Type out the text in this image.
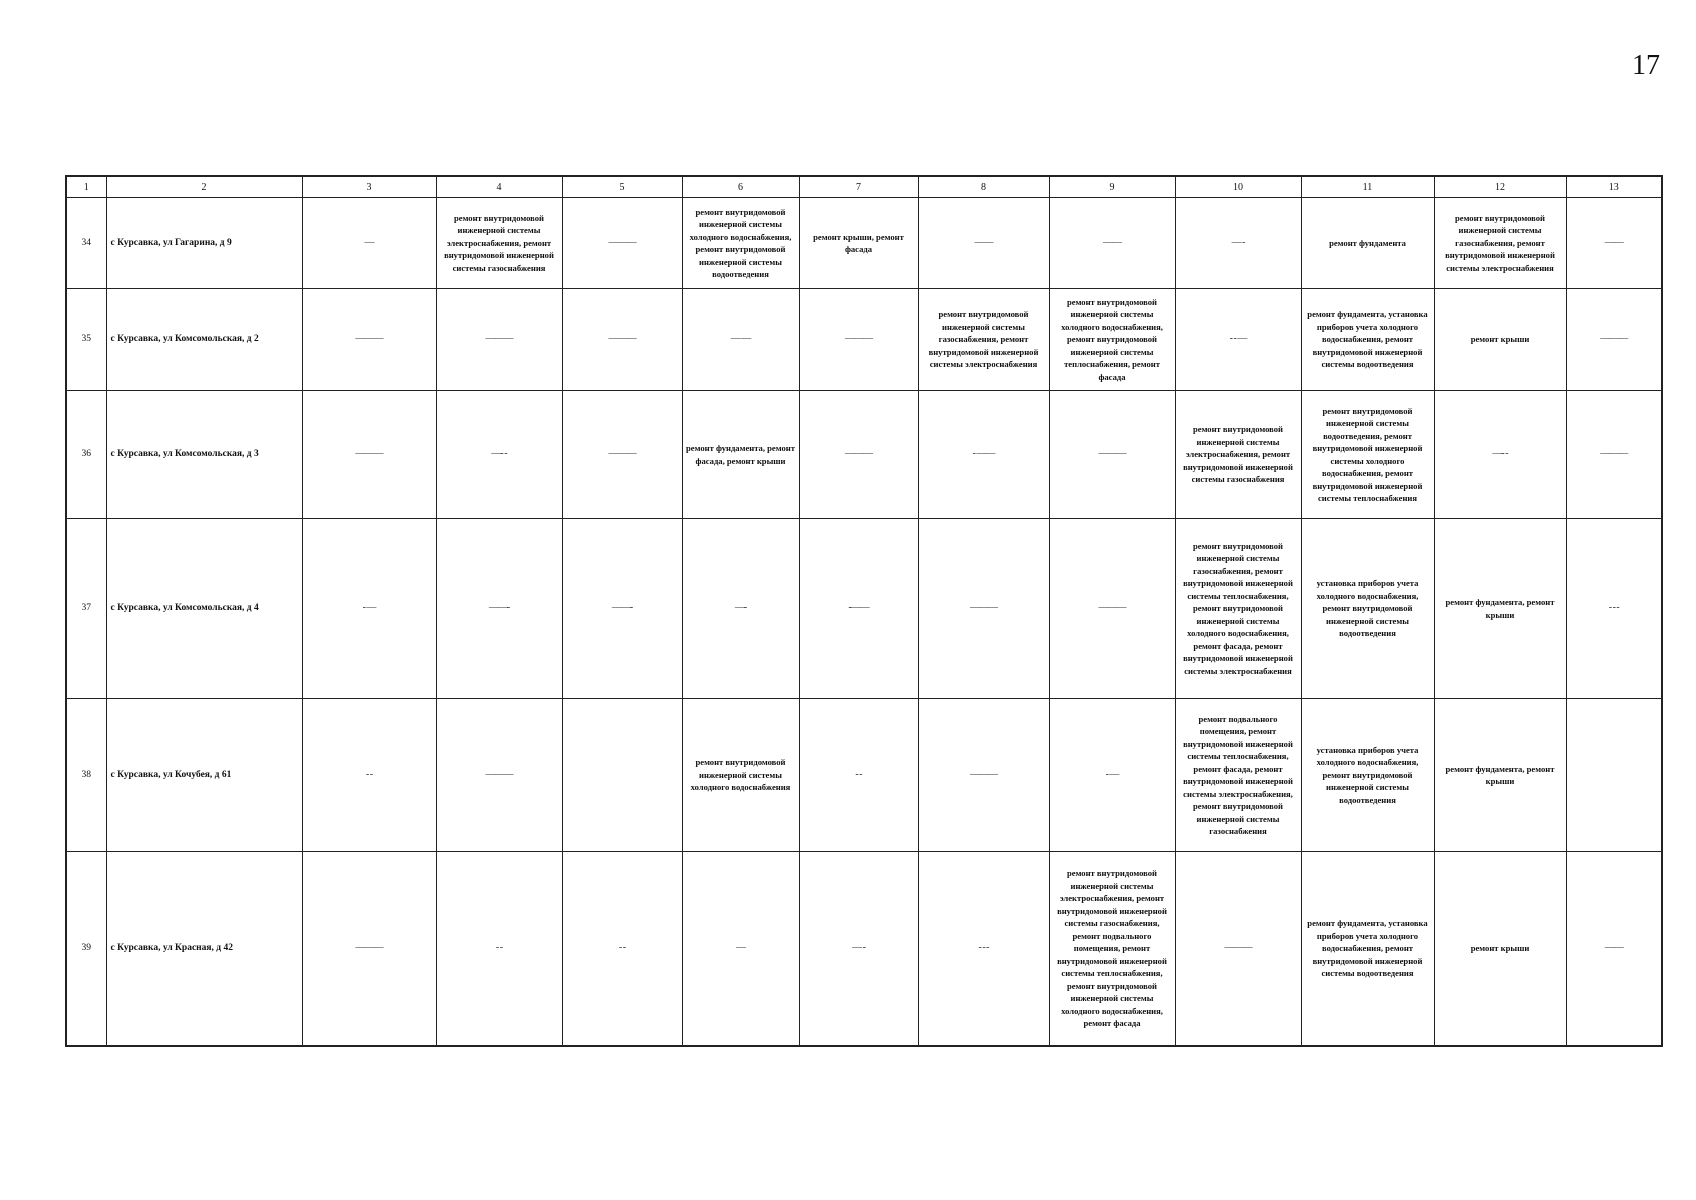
17
1	2	3	4	5	6	7	8	9	10	11	12	13
34	с Курсавка, ул Гагарина, д 9	—	ремонт внутридомовой инженерной системы электроснабжения, ремонт внутридомовой инженерной системы газоснабжения	———	ремонт внутридомовой инженерной системы холодного водоснабжения, ремонт внутридомовой инженерной системы водоотведения	ремонт крыши, ремонт фасада	——	——	— -	ремонт фундамента	ремонт внутридомовой инженерной системы газоснабжения, ремонт внутридомовой инженерной системы электроснабжения	——
35	с Курсавка, ул Комсомольская, д 2	———	———	———	— —	———	ремонт внутридомовой инженерной системы газоснабжения, ремонт внутридомовой инженерной системы электроснабжения	ремонт внутридомовой инженерной системы холодного водоснабжения, ремонт внутридомовой инженерной системы теплоснабжения, ремонт фасада	- - —	ремонт фундамента, установка приборов учета холодного водоснабжения, ремонт внутридомовой инженерной системы водоотведения	ремонт крыши	———
36	с Курсавка, ул Комсомольская, д 3	———	—- -	———	ремонт фундамента, ремонт фасада, ремонт крыши	———	- ——	———	ремонт внутридомовой инженерной системы электроснабжения, ремонт внутридомовой инженерной системы газоснабжения	ремонт внутридомовой инженерной системы водоотведения, ремонт внутридомовой инженерной системы холодного водоснабжения, ремонт внутридомовой инженерной системы теплоснабжения	—- -	———
37	с Курсавка, ул Комсомольская, д 4	- —	——-	——-	—-	-——	———	———	ремонт внутридомовой инженерной системы газоснабжения, ремонт внутридомовой инженерной системы теплоснабжения, ремонт внутридомовой инженерной системы холодного водоснабжения, ремонт фасада, ремонт внутридомовой инженерной системы электроснабжения	установка приборов учета холодного водоснабжения, ремонт внутридомовой инженерной системы водоотведения	ремонт фундамента, ремонт крыши	- - -
38	с Курсавка, ул Кочубея, д 61	- -	———		ремонт внутридомовой инженерной системы холодного водоснабжения	- -	———	- —	ремонт подвального помещения, ремонт внутридомовой инженерной системы теплоснабжения, ремонт фасада, ремонт внутридомовой инженерной системы электроснабжения, ремонт внутридомовой инженерной системы газоснабжения	установка приборов учета холодного водоснабжения, ремонт внутридомовой инженерной системы водоотведения	ремонт фундамента, ремонт крыши	
39	с Курсавка, ул Красная, д 42	———	- -	- -	—	— -	- - -	ремонт внутридомовой инженерной системы электроснабжения, ремонт внутридомовой инженерной системы газоснабжения, ремонт подвального помещения, ремонт внутридомовой инженерной системы теплоснабжения, ремонт внутридомовой инженерной системы холодного водоснабжения, ремонт фасада	———	ремонт фундамента, установка приборов учета холодного водоснабжения, ремонт внутридомовой инженерной системы водоотведения	ремонт крыши	——
